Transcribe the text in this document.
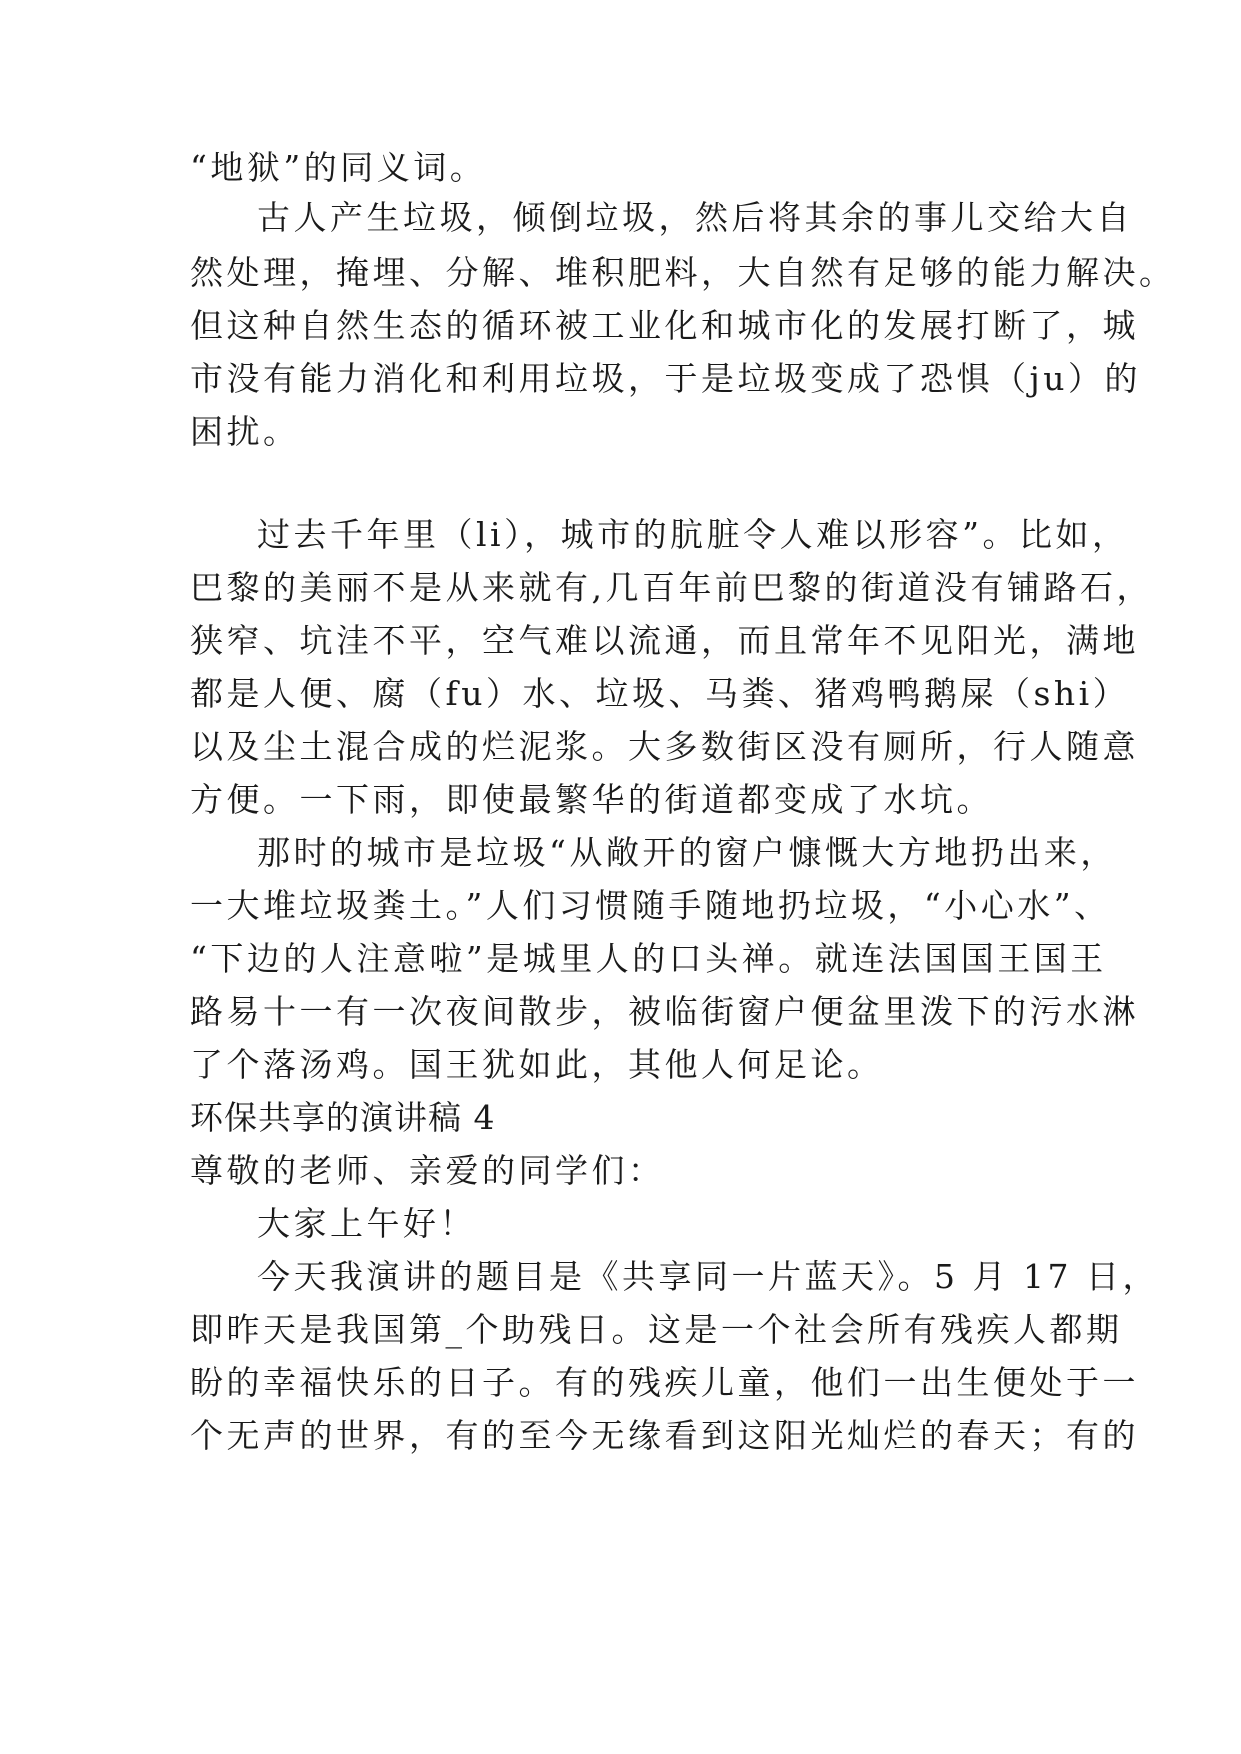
“地狱”的同义词。
古人产生垃圾，倾倒垃圾，然后将其余的事儿交给大自
然处理，掩埋、分解、堆积肥料，大自然有足够的能力解决。
但这种自然生态的循环被工业化和城市化的发展打断了，城
市没有能力消化和利用垃圾，于是垃圾变成了恐惧（ju）的
困扰。
过去千年里（li），城市的肮脏令人难以形容”。比如，
巴黎的美丽不是从来就有,几百年前巴黎的街道没有铺路石，
狭窄、坑洼不平，空气难以流通，而且常年不见阳光，满地
都是人便、腐（fu）水、垃圾、马粪、猪鸡鸭鹅屎（shi）
以及尘土混合成的烂泥浆。大多数街区没有厕所，行人随意
方便。一下雨，即使最繁华的街道都变成了水坑。
那时的城市是垃圾“从敞开的窗户慷慨大方地扔出来，
一大堆垃圾粪土。”人们习惯随手随地扔垃圾，“小心水”、
“下边的人注意啦”是城里人的口头禅。就连法国国王国王
路易十一有一次夜间散步，被临街窗户便盆里泼下的污水淋
了个落汤鸡。国王犹如此，其他人何足论。
环保共享的演讲稿 4
尊敬的老师、亲爱的同学们：
大家上午好！
今天我演讲的题目是《共享同一片蓝天》。5 月 17 日，
即昨天是我国第_个助残日。这是一个社会所有残疾人都期
盼的幸福快乐的日子。有的残疾儿童，他们一出生便处于一
个无声的世界，有的至今无缘看到这阳光灿烂的春天；有的
